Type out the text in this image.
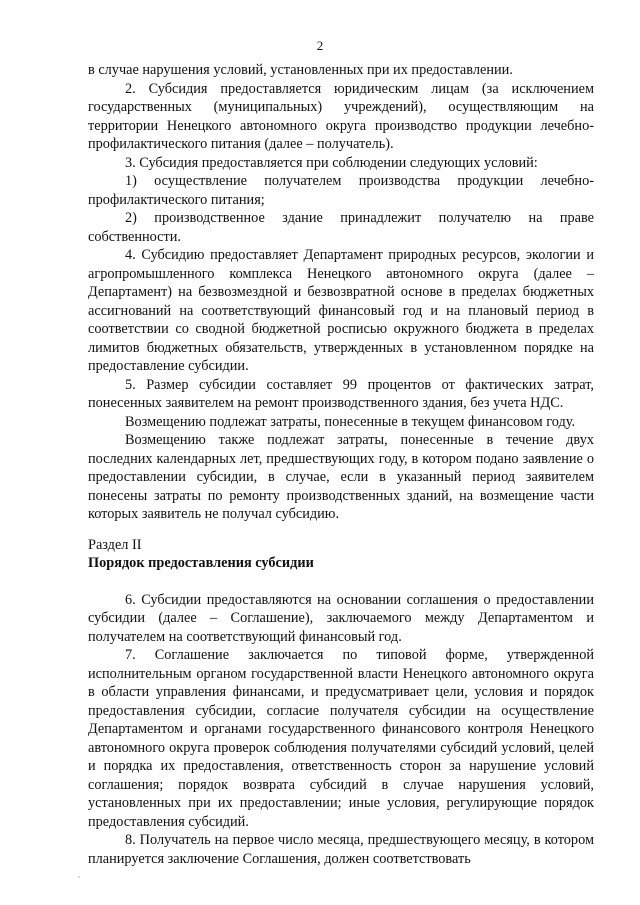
2

в случае нарушения условий, установленных при их предоставлении.

2. Субсидия предоставляется юридическим лицам (за исключением государственных (муниципальных) учреждений), осуществляющим на территории Ненецкого автономного округа производство продукции лечебно-профилактического питания (далее – получатель).

3. Субсидия предоставляется при соблюдении следующих условий:

1) осуществление получателем производства продукции лечебно-профилактического питания;

2) производственное здание принадлежит получателю на праве собственности.

4. Субсидию предоставляет Департамент природных ресурсов, экологии и агропромышленного комплекса Ненецкого автономного округа (далее – Департамент) на безвозмездной и безвозвратной основе в пределах бюджетных ассигнований на соответствующий финансовый год и на плановый период в соответствии со сводной бюджетной росписью окружного бюджета в пределах лимитов бюджетных обязательств, утвержденных в установленном порядке на предоставление субсидии.

5. Размер субсидии составляет 99 процентов от фактических затрат, понесенных заявителем на ремонт производственного здания, без учета НДС.

Возмещению подлежат затраты, понесенные в текущем финансовом году.

Возмещению также подлежат затраты, понесенные в течение двух последних календарных лет, предшествующих году, в котором подано заявление о предоставлении субсидии, в случае, если в указанный период заявителем понесены затраты по ремонту производственных зданий, на возмещение части которых заявитель не получал субсидию.

Раздел II

Порядок предоставления субсидии

6. Субсидии предоставляются на основании соглашения о предоставлении субсидии (далее – Соглашение), заключаемого между Департаментом и получателем на соответствующий финансовый год.

7. Соглашение заключается по типовой форме, утвержденной исполнительным органом государственной власти Ненецкого автономного округа в области управления финансами, и предусматривает цели, условия и порядок предоставления субсидии, согласие получателя субсидии на осуществление Департаментом и органами государственного финансового контроля Ненецкого автономного округа проверок соблюдения получателями субсидий условий, целей и порядка их предоставления, ответственность сторон за нарушение условий соглашения; порядок возврата субсидий в случае нарушения условий, установленных при их предоставлении; иные условия, регулирующие порядок предоставления субсидий.

8. Получатель на первое число месяца, предшествующего месяцу, в котором планируется заключение Соглашения, должен соответствовать
